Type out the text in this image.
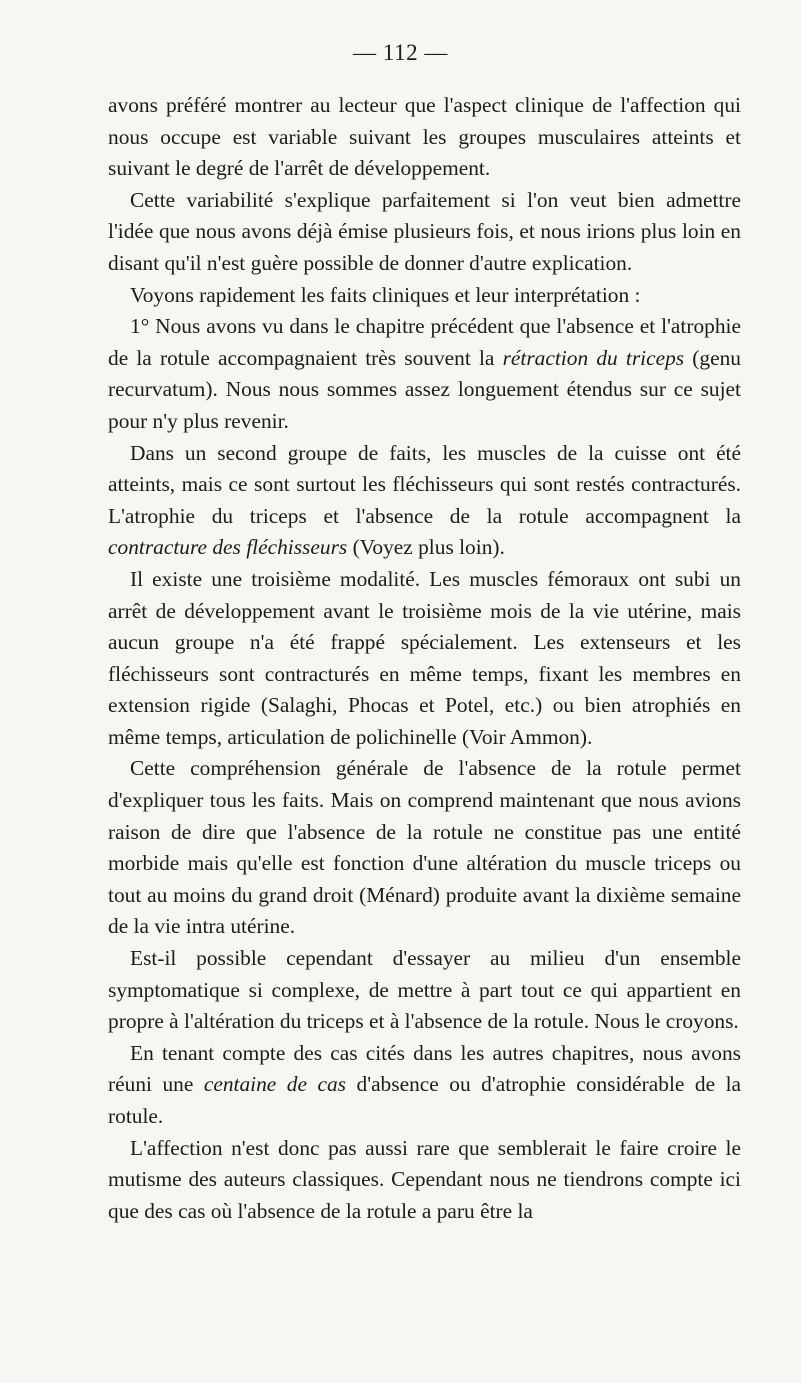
— 112 —

avons préféré montrer au lecteur que l'aspect clinique de l'affection qui nous occupe est variable suivant les groupes musculaires atteints et suivant le degré de l'arrêt de développement.

Cette variabilité s'explique parfaitement si l'on veut bien admettre l'idée que nous avons déjà émise plusieurs fois, et nous irions plus loin en disant qu'il n'est guère possible de donner d'autre explication.

Voyons rapidement les faits cliniques et leur interprétation :

1° Nous avons vu dans le chapitre précédent que l'absence et l'atrophie de la rotule accompagnaient très souvent la rétraction du triceps (genu recurvatum). Nous nous sommes assez longuement étendus sur ce sujet pour n'y plus revenir.

Dans un second groupe de faits, les muscles de la cuisse ont été atteints, mais ce sont surtout les fléchisseurs qui sont restés contracturés. L'atrophie du triceps et l'absence de la rotule accompagnent la contracture des fléchisseurs (Voyez plus loin).

Il existe une troisième modalité. Les muscles fémoraux ont subi un arrêt de développement avant le troisième mois de la vie utérine, mais aucun groupe n'a été frappé spécialement. Les extenseurs et les fléchisseurs sont contracturés en même temps, fixant les membres en extension rigide (Salaghi, Phocas et Potel, etc.) ou bien atrophiés en même temps, articulation de polichinelle (Voir Ammon).

Cette compréhension générale de l'absence de la rotule permet d'expliquer tous les faits. Mais on comprend maintenant que nous avions raison de dire que l'absence de la rotule ne constitue pas une entité morbide mais qu'elle est fonction d'une altération du muscle triceps ou tout au moins du grand droit (Ménard) produite avant la dixième semaine de la vie intra utérine.

Est-il possible cependant d'essayer au milieu d'un ensemble symptomatique si complexe, de mettre à part tout ce qui appartient en propre à l'altération du triceps et à l'absence de la rotule. Nous le croyons.

En tenant compte des cas cités dans les autres chapitres, nous avons réuni une centaine de cas d'absence ou d'atrophie considérable de la rotule.

L'affection n'est donc pas aussi rare que semblerait le faire croire le mutisme des auteurs classiques. Cependant nous ne tiendrons compte ici que des cas où l'absence de la rotule a paru être la
